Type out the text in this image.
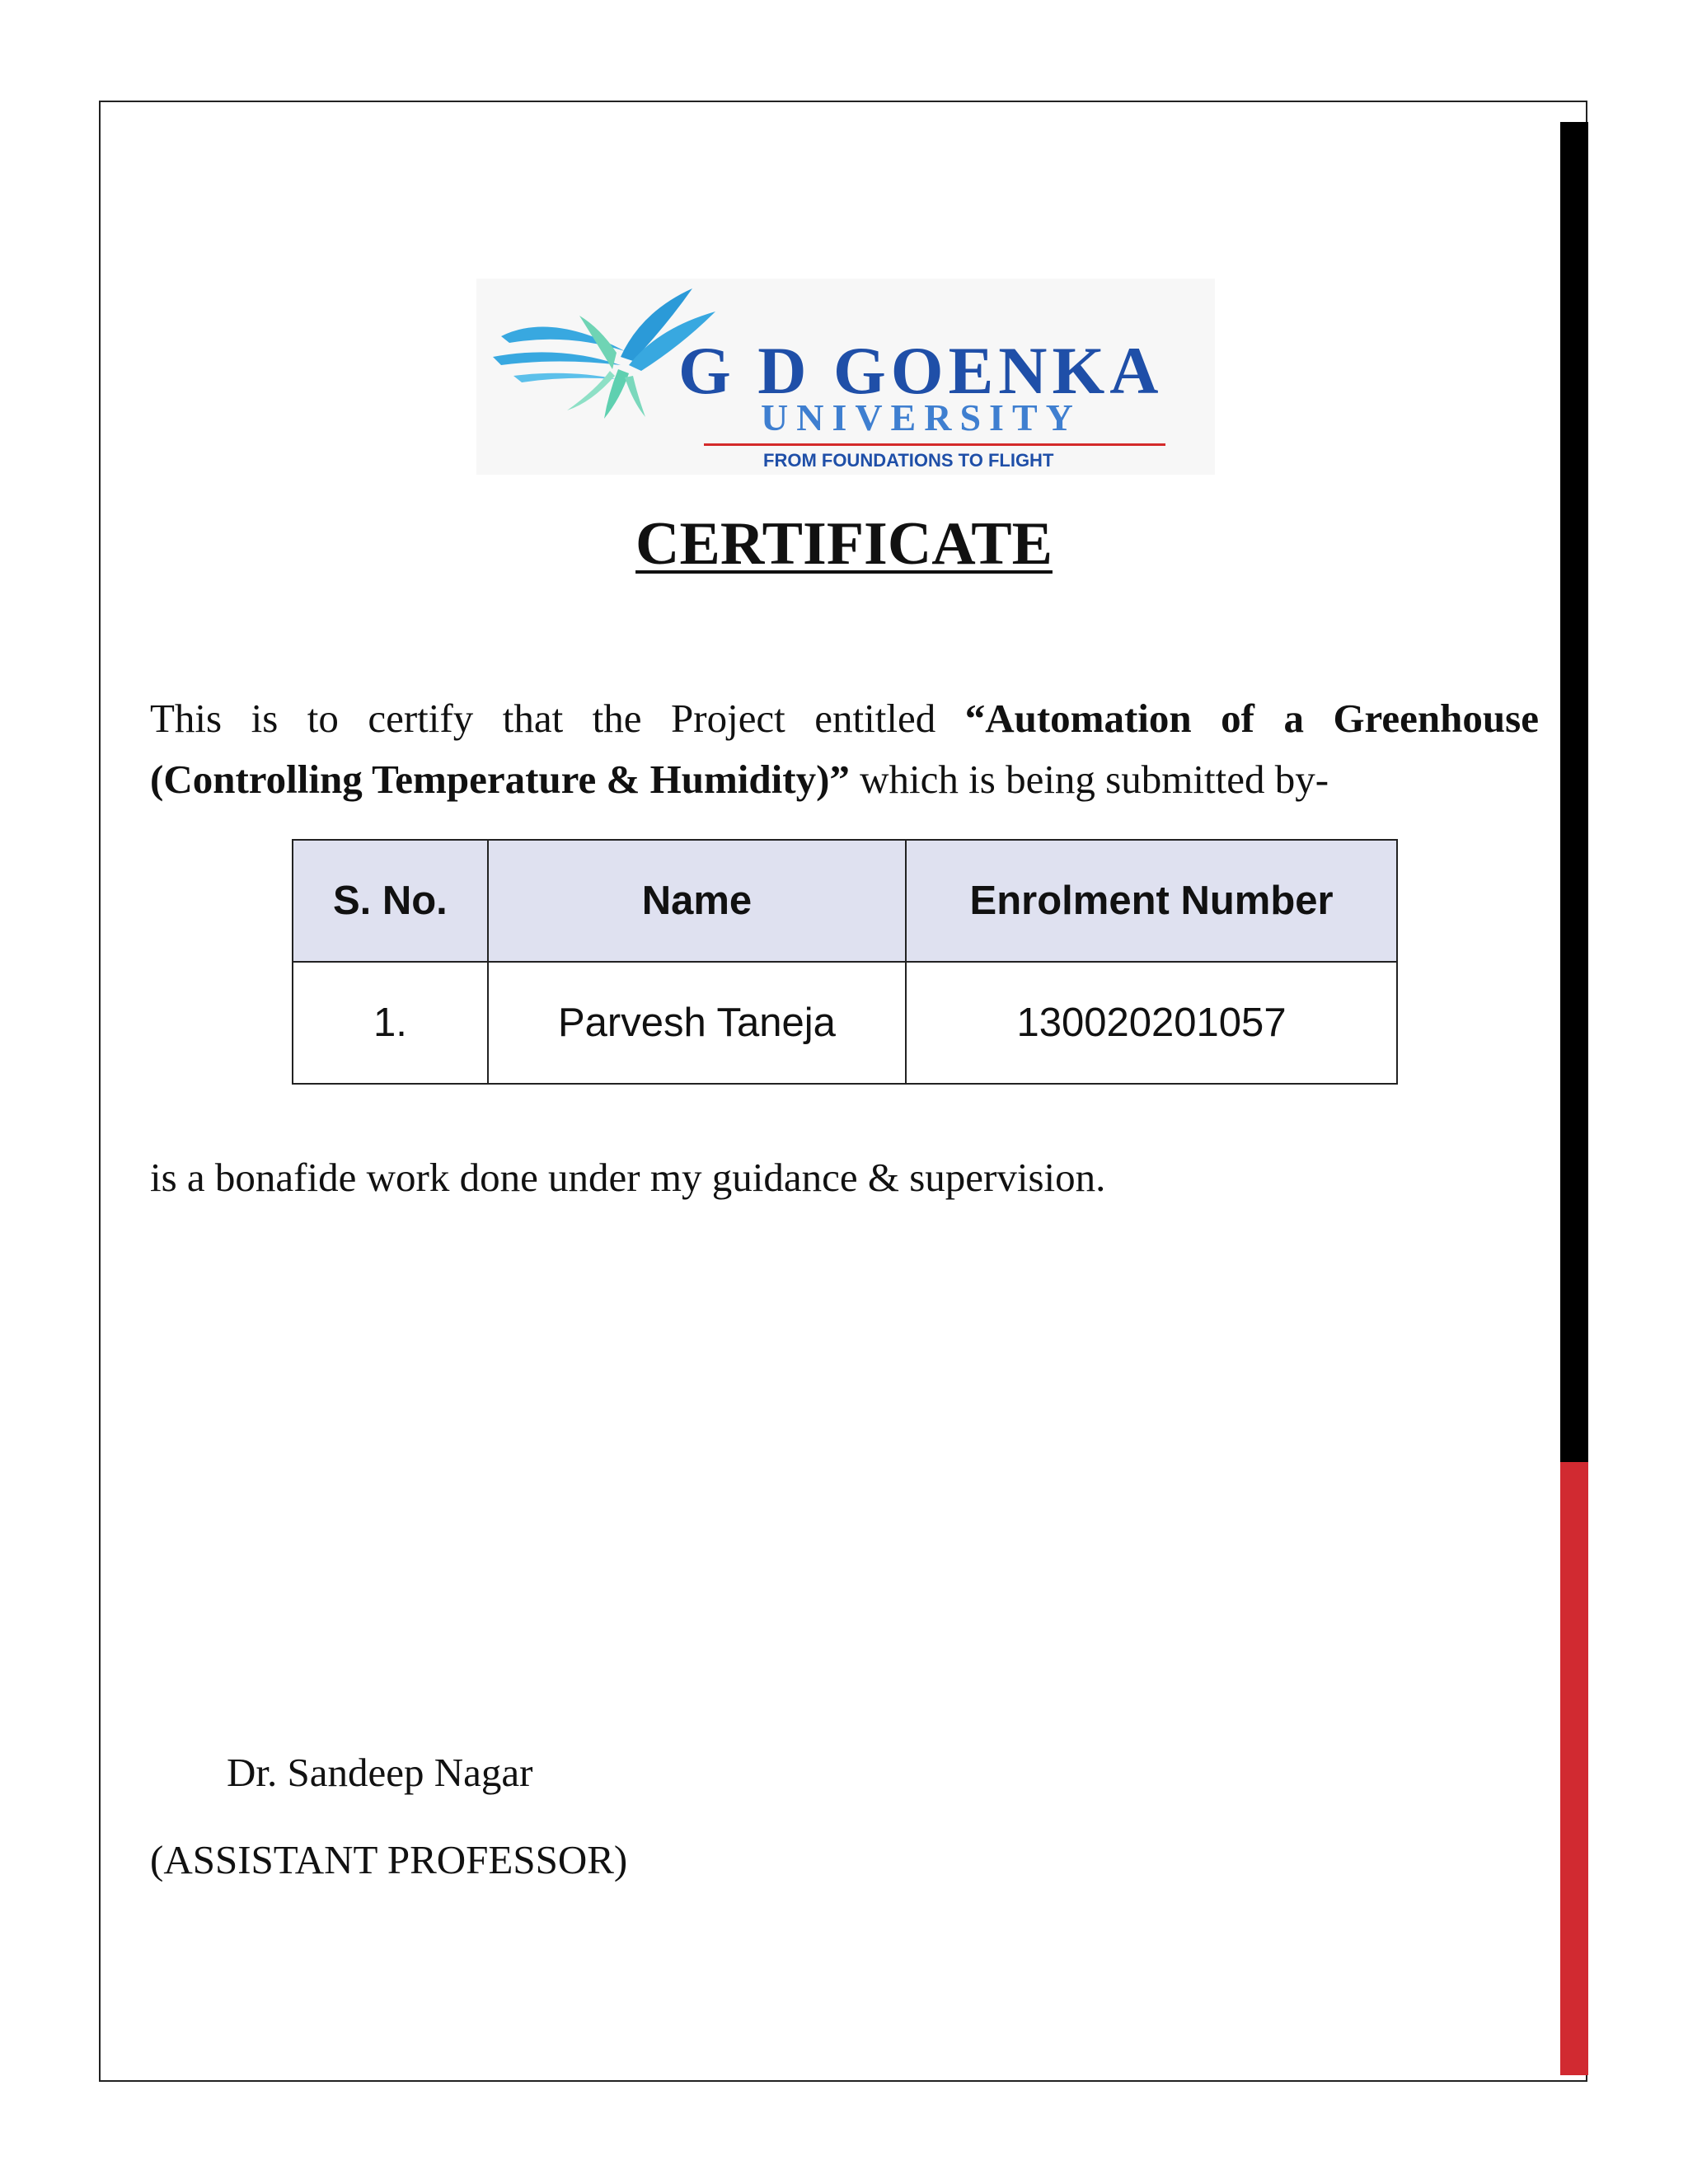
G D GOENKA
UNIVERSITY
FROM FOUNDATIONS TO FLIGHT
CERTIFICATE

This is to certify that the Project entitled “Automation of a Greenhouse (Controlling Temperature & Humidity)” which is being submitted by-

S. No.	Name	Enrolment Number
1.	Parvesh Taneja	130020201057

is a bonafide work done under my guidance & supervision.

Dr. Sandeep Nagar

(ASSISTANT PROFESSOR)
